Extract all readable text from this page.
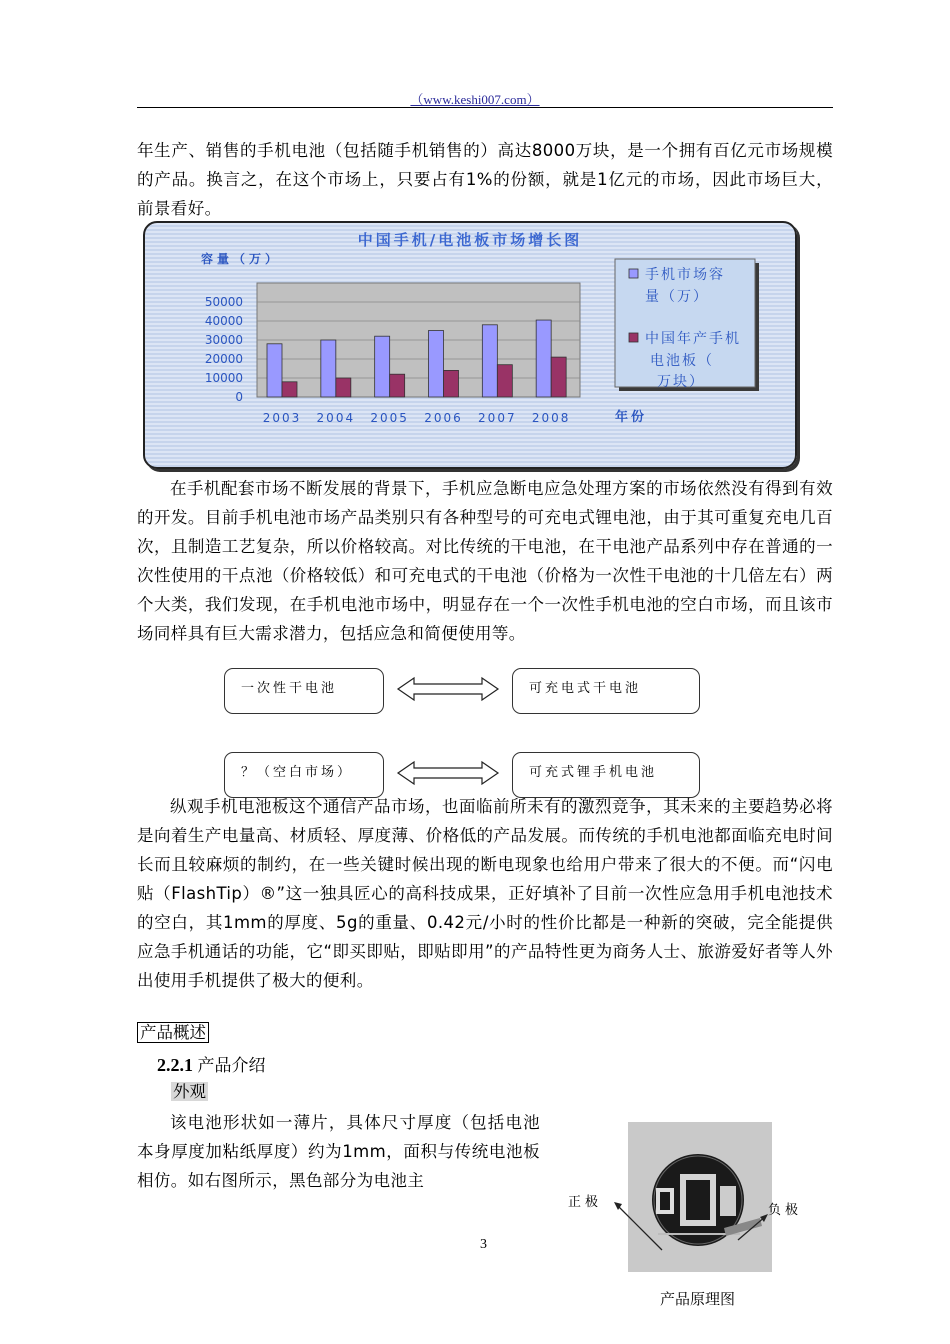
（www.keshi007.com）

年生产、销售的手机电池（包括随手机销售的）高达8000万块，是一个拥有百亿元市场规模的产品。换言之，在这个市场上，只要占有1%的份额，就是1亿元的市场，因此市场巨大，前景看好。

中国手机/电池板市场增长图
容量（万）
0
10000
20000
30000
40000
50000
2003 2004 2005 2006 2007 2008	年份
手机市场容
量（万）
中国年产手机
电池板（
万块）

在手机配套市场不断发展的背景下，手机应急断电应急处理方案的市场依然没有得到有效的开发。目前手机电池市场产品类别只有各种型号的可充电式锂电池，由于其可重复充电几百次，且制造工艺复杂，所以价格较高。对比传统的干电池，在干电池产品系列中存在普通的一次性使用的干点池（价格较低）和可充电式的干电池（价格为一次性干电池的十几倍左右）两个大类，我们发现，在手机电池市场中，明显存在一个一次性手机电池的空白市场，而且该市场同样具有巨大需求潜力，包括应急和简便使用等。

一次性干电池	可充电式干电池
？（空白市场）	可充式锂手机电池

纵观手机电池板这个通信产品市场，也面临前所未有的激烈竞争，其未来的主要趋势必将是向着生产电量高、材质轻、厚度薄、价格低的产品发展。而传统的手机电池都面临充电时间长而且较麻烦的制约，在一些关键时候出现的断电现象也给用户带来了很大的不便。而“闪电贴（FlashTip）®”这一独具匠心的高科技成果，正好填补了目前一次性应急用手机电池技术的空白，其1mm的厚度、5g的重量、0.42元/小时的性价比都是一种新的突破，完全能提供应急手机通话的功能，它“即买即贴，即贴即用”的产品特性更为商务人士、旅游爱好者等人外出使用手机提供了极大的便利。

产品概述
2.2.1 产品介绍
外观

该电池形状如一薄片，具体尺寸厚度（包括电池本身厚度加粘纸厚度）约为1mm，面积与传统电池板相仿。如右图所示，黑色部分为电池主

正极
负极
3
产品原理图
